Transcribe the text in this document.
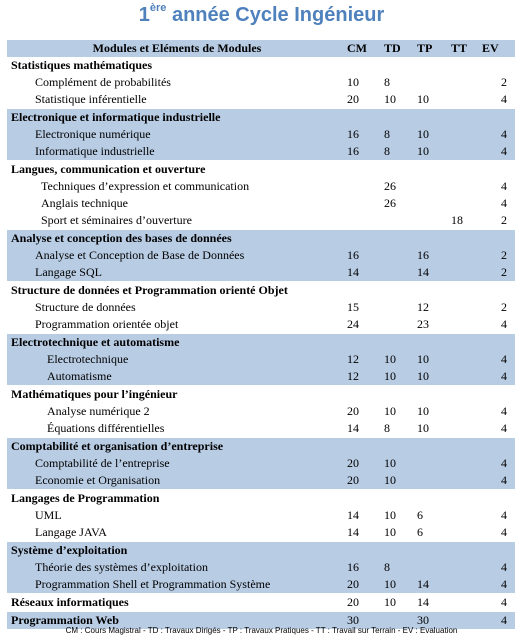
1ère année Cycle Ingénieur
Modules et Eléments de Modules	CM	TD	TP	TT	EV
Statistiques mathématiques					
Complément de probabilités	10	8			2
Statistique inférentielle	20	10	10		4
Electronique et informatique industrielle					
Electronique numérique	16	8	10		4
Informatique industrielle	16	8	10		4
Langues, communication et ouverture					
Techniques d’expression et communication		26			4
Anglais technique		26			4
Sport et séminaires d’ouverture				18	2
Analyse et conception des bases de données					
Analyse et Conception de Base de Données	16		16		2
Langage SQL	14		14		2
Structure de données et Programmation orienté Objet					
Structure de données	15		12		2
Programmation orientée objet	24		23		4
Electrotechnique et automatisme					
Electrotechnique	12	10	10		4
Automatisme	12	10	10		4
Mathématiques pour l’ingénieur					
Analyse numérique 2	20	10	10		4
Équations différentielles	14	8	10		4
Comptabilité et organisation d’entreprise					
Comptabilité de l’entreprise	20	10			4
Economie et Organisation	20	10			4
Langages de Programmation					
UML	14	10	6		4
Langage JAVA	14	10	6		4
Système d’exploitation					
Théorie des systèmes d’exploitation	16	8			4
Programmation Shell et Programmation Système	20	10	14		4
Réseaux informatiques	20	10	14		4
Programmation Web	30		30		4
CM : Cours Magistral - TD : Travaux Dirigés - TP : Travaux Pratiques - TT : Travail sur Terrain - EV : Evaluation
